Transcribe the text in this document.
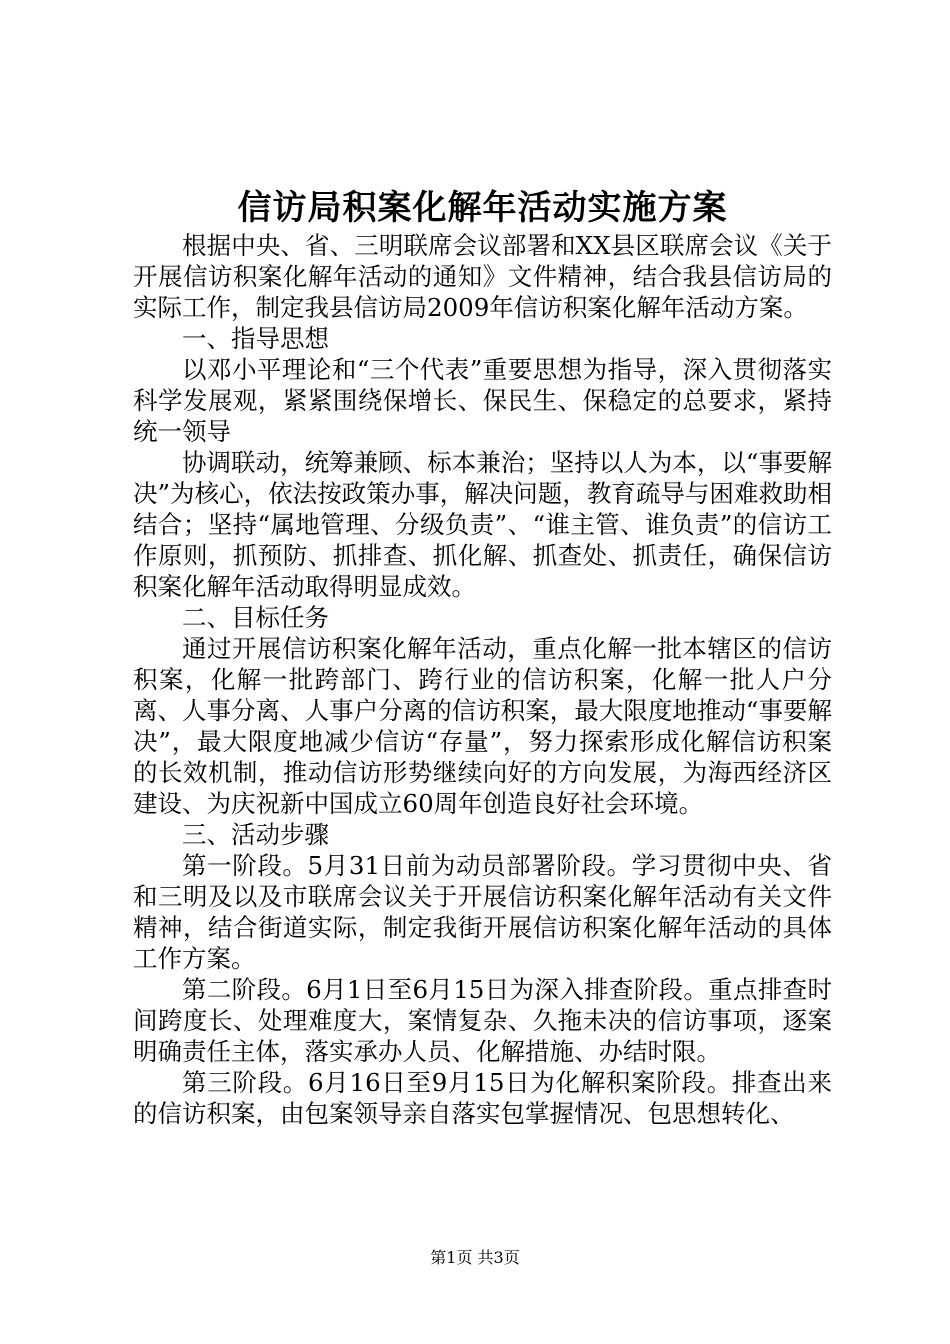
信访局积案化解年活动实施方案

根据中央、省、三明联席会议部署和XX县区联席会议《关于开展信访积案化解年活动的通知》文件精神，结合我县信访局的实际工作，制定我县信访局2009年信访积案化解年活动方案。

一、指导思想

以邓小平理论和“三个代表”重要思想为指导，深入贯彻落实科学发展观，紧紧围绕保增长、保民生、保稳定的总要求，紧持统一领导

协调联动，统筹兼顾、标本兼治；坚持以人为本，以“事要解决”为核心，依法按政策办事，解决问题，教育疏导与困难救助相结合；坚持“属地管理、分级负责”、“谁主管、谁负责”的信访工作原则，抓预防、抓排查、抓化解、抓查处、抓责任，确保信访积案化解年活动取得明显成效。

二、目标任务

通过开展信访积案化解年活动，重点化解一批本辖区的信访积案，化解一批跨部门、跨行业的信访积案，化解一批人户分离、人事分离、人事户分离的信访积案，最大限度地推动“事要解决”，最大限度地减少信访“存量”，努力探索形成化解信访积案的长效机制，推动信访形势继续向好的方向发展，为海西经济区建设、为庆祝新中国成立60周年创造良好社会环境。

三、活动步骤

第一阶段。5月31日前为动员部署阶段。学习贯彻中央、省和三明及以及市联席会议关于开展信访积案化解年活动有关文件精神，结合街道实际，制定我街开展信访积案化解年活动的具体工作方案。

第二阶段。6月1日至6月15日为深入排查阶段。重点排查时间跨度长、处理难度大，案情复杂、久拖未决的信访事项，逐案明确责任主体，落实承办人员、化解措施、办结时限。

第三阶段。6月16日至9月15日为化解积案阶段。排查出来的信访积案，由包案领导亲自落实包掌握情况、包思想转化、

第1页 共3页
